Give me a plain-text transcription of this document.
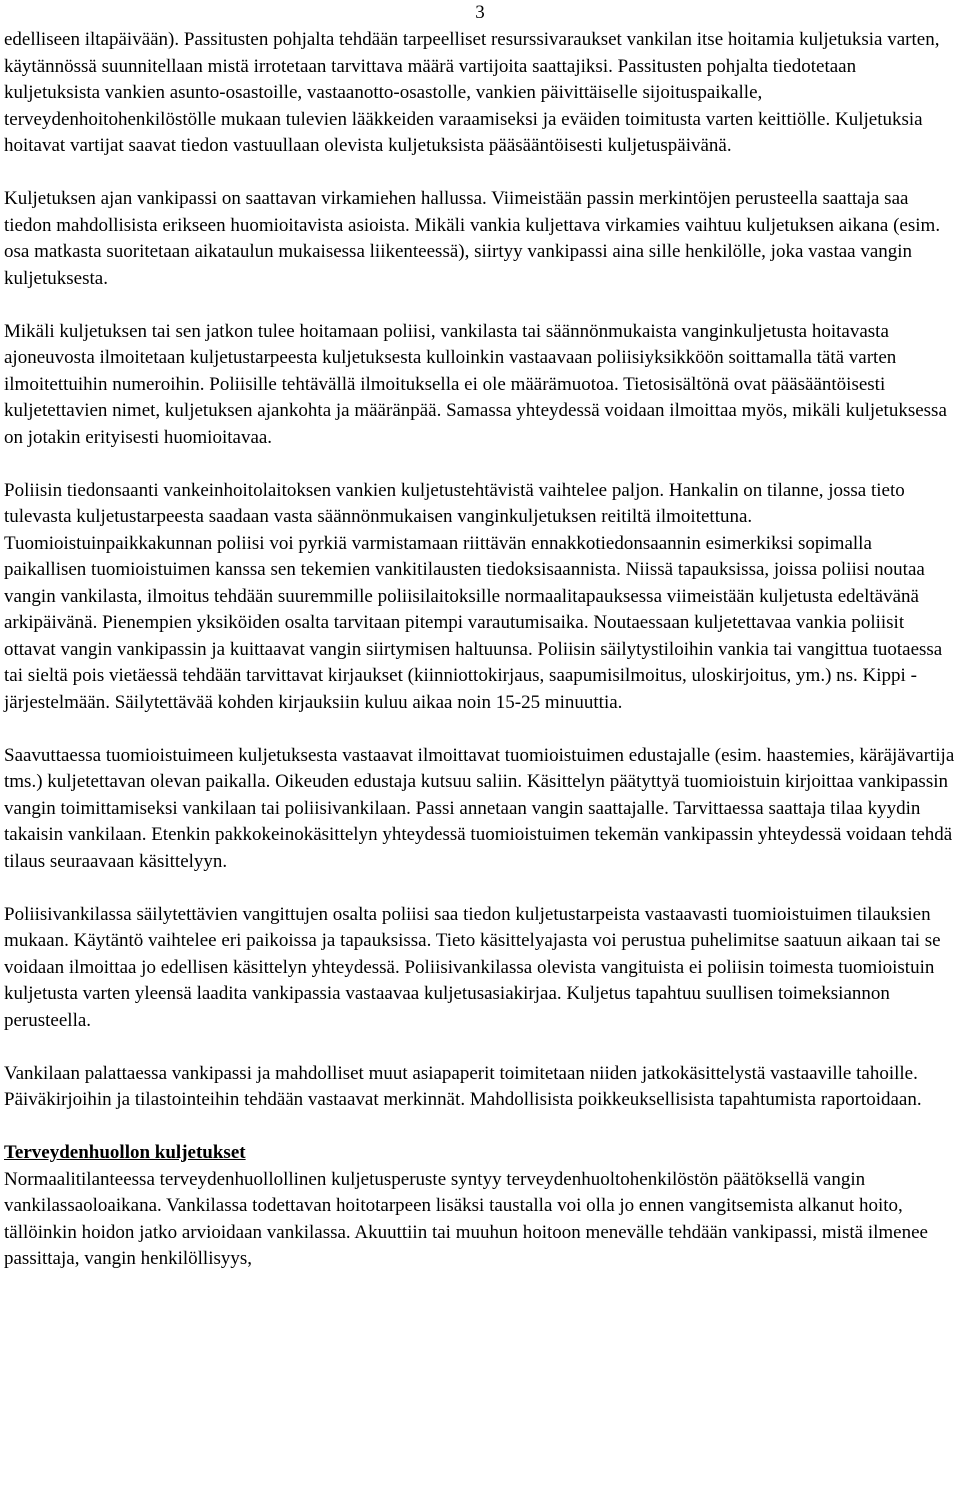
3

edelliseen iltapäivään). Passitusten pohjalta tehdään tarpeelliset resurssivaraukset vankilan itse hoitamia kuljetuksia varten, käytännössä suunnitellaan mistä irrotetaan tarvittava määrä vartijoita saattajiksi. Passitusten pohjalta tiedotetaan kuljetuksista vankien asunto-osastoille, vastaanotto-osastolle, vankien päivittäiselle sijoituspaikalle, terveydenhoitohenkilöstölle mukaan tulevien lääkkeiden varaamiseksi ja eväiden toimitusta varten keittiölle. Kuljetuksia hoitavat vartijat saavat tiedon vastuullaan olevista kuljetuksista pääsääntöisesti kuljetuspäivänä.

Kuljetuksen ajan vankipassi on saattavan virkamiehen hallussa. Viimeistään passin merkintöjen perusteella saattaja saa tiedon mahdollisista erikseen huomioitavista asioista. Mikäli vankia kuljettava virkamies vaihtuu kuljetuksen aikana (esim. osa matkasta suoritetaan aikataulun mukaisessa liikenteessä), siirtyy vankipassi aina sille henkilölle, joka vastaa vangin kuljetuksesta.

Mikäli kuljetuksen tai sen jatkon tulee hoitamaan poliisi, vankilasta tai säännönmukaista vanginkuljetusta hoitavasta ajoneuvosta ilmoitetaan kuljetustarpeesta kuljetuksesta kulloinkin vastaavaan poliisiyksikköön soittamalla tätä varten ilmoitettuihin numeroihin. Poliisille tehtävällä ilmoituksella ei ole määrämuotoa. Tietosisältönä ovat pääsääntöisesti kuljetettavien nimet, kuljetuksen ajankohta ja määränpää. Samassa yhteydessä voidaan ilmoittaa myös, mikäli kuljetuksessa on jotakin erityisesti huomioitavaa.

Poliisin tiedonsaanti vankeinhoitolaitoksen vankien kuljetustehtävistä vaihtelee paljon. Hankalin on tilanne, jossa tieto tulevasta kuljetustarpeesta saadaan vasta säännönmukaisen vanginkuljetuksen reitiltä ilmoitettuna. Tuomioistuinpaikkakunnan poliisi voi pyrkiä varmistamaan riittävän ennakkotiedonsaannin esimerkiksi sopimalla paikallisen tuomioistuimen kanssa sen tekemien vankitilausten tiedoksisaannista. Niissä tapauksissa, joissa poliisi noutaa vangin vankilasta, ilmoitus tehdään suuremmille poliisilaitoksille normaalitapauksessa viimeistään kuljetusta edeltävänä arkipäivänä. Pienempien yksiköiden osalta tarvitaan pitempi varautumisaika. Noutaessaan kuljetettavaa vankia poliisit ottavat vangin vankipassin ja kuittaavat vangin siirtymisen haltuunsa. Poliisin säilytystiloihin vankia tai vangittua tuotaessa tai sieltä pois vietäessä tehdään tarvittavat kirjaukset (kiinniottokirjaus, saapumisilmoitus, uloskirjoitus, ym.) ns. Kippi -järjestelmään. Säilytettävää kohden kirjauksiin kuluu aikaa noin 15-25 minuuttia.

Saavuttaessa tuomioistuimeen kuljetuksesta vastaavat ilmoittavat tuomioistuimen edustajalle (esim. haastemies, käräjävartija tms.) kuljetettavan olevan paikalla. Oikeuden edustaja kutsuu saliin. Käsittelyn päätyttyä tuomioistuin kirjoittaa vankipassin vangin toimittamiseksi vankilaan tai poliisivankilaan. Passi annetaan vangin saattajalle. Tarvittaessa saattaja tilaa kyydin takaisin vankilaan. Etenkin pakkokeinokäsittelyn yhteydessä tuomioistuimen tekemän vankipassin yhteydessä voidaan tehdä tilaus seuraavaan käsittelyyn.

Poliisivankilassa säilytettävien vangittujen osalta poliisi saa tiedon kuljetustarpeista vastaavasti tuomioistuimen tilauksien mukaan. Käytäntö vaihtelee eri paikoissa ja tapauksissa. Tieto käsittelyajasta voi perustua puhelimitse saatuun aikaan tai se voidaan ilmoittaa jo edellisen käsittelyn yhteydessä. Poliisivankilassa olevista vangituista ei poliisin toimesta tuomioistuin kuljetusta varten yleensä laadita vankipassia vastaavaa kuljetusasiakirjaa. Kuljetus tapahtuu suullisen toimeksiannon perusteella.

Vankilaan palattaessa vankipassi ja mahdolliset muut asiapaperit toimitetaan niiden jatkokäsittelystä vastaaville tahoille. Päiväkirjoihin ja tilastointeihin tehdään vastaavat merkinnät. Mahdollisista poikkeuksellisista tapahtumista raportoidaan.

Terveydenhuollon kuljetukset

Normaalitilanteessa terveydenhuollollinen kuljetusperuste syntyy terveydenhuoltohenkilöstön päätöksellä vangin vankilassaoloaikana. Vankilassa todettavan hoitotarpeen lisäksi taustalla voi olla jo ennen vangitsemista alkanut hoito, tällöinkin hoidon jatko arvioidaan vankilassa. Akuuttiin tai muuhun hoitoon menevälle tehdään vankipassi, mistä ilmenee passittaja, vangin henkilöllisyys,
